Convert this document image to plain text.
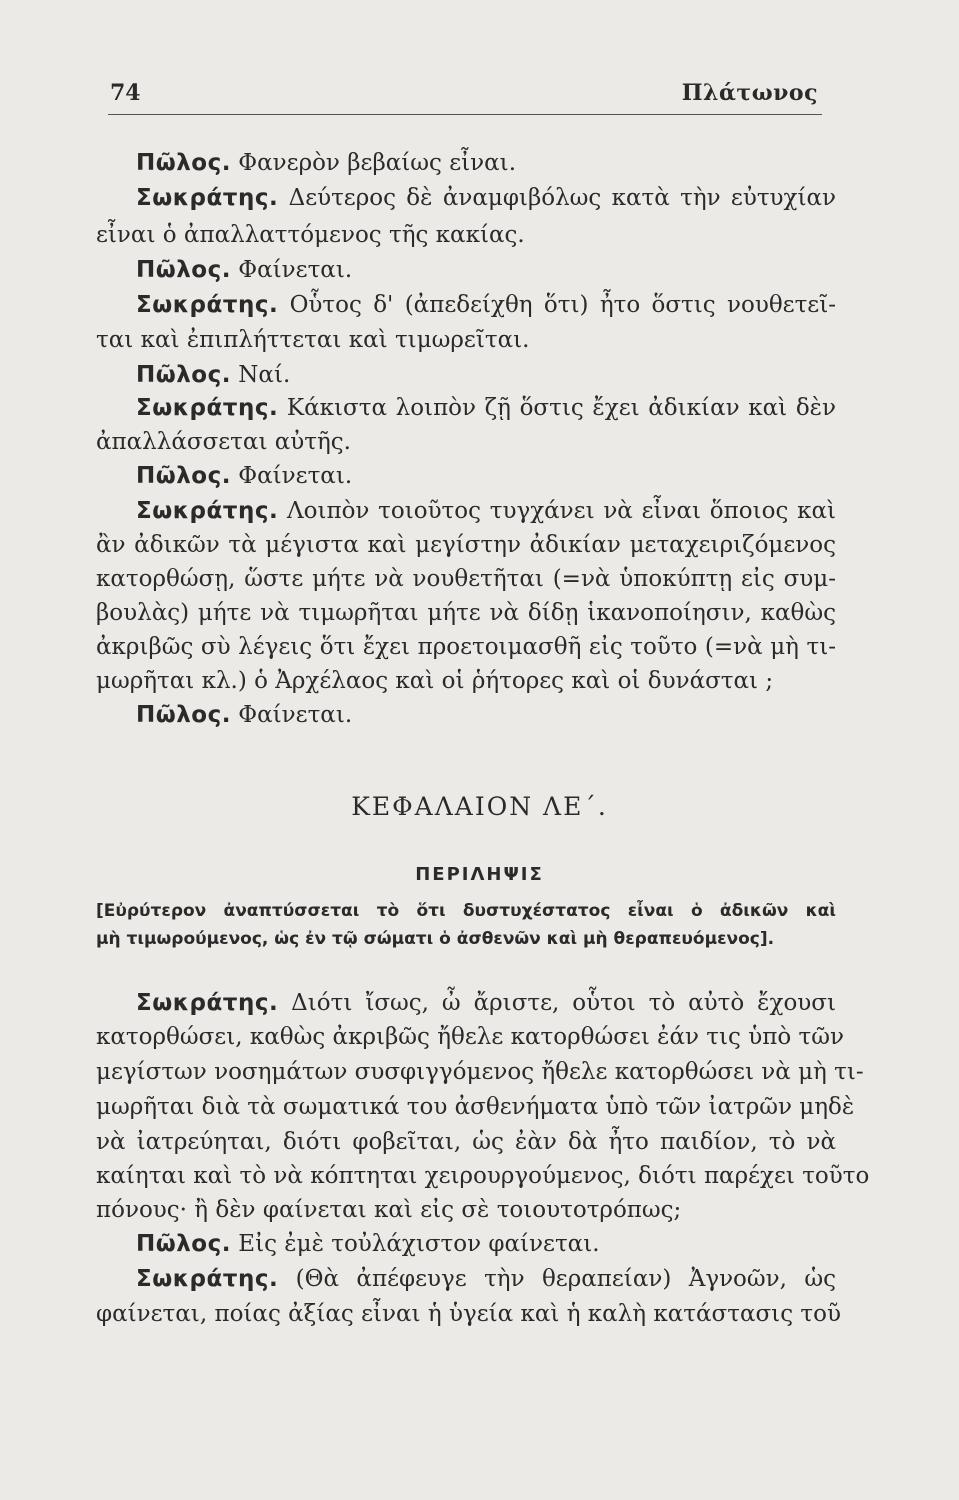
74	Πλάτωνος
Πῶλος. Φανερὸν βεβαίως εἶναι.
Σωκράτης. Δεύτερος δὲ ἀναμφιβόλως κατὰ τὴν εὐτυχίαν
εἶναι ὁ ἀπαλλαττόμενος τῆς κακίας.
Πῶλος. Φαίνεται.
Σωκράτης. Οὗτος δ' (ἀπεδείχθη ὅτι) ἦτο ὅστις νουθετεῖ-
ται καὶ ἐπιπλήττεται καὶ τιμωρεῖται.
Πῶλος. Ναί.
Σωκράτης. Κάκιστα λοιπὸν ζῇ ὅστις ἔχει ἀδικίαν καὶ δὲν
ἀπαλλάσσεται αὐτῆς.
Πῶλος. Φαίνεται.
Σωκράτης. Λοιπὸν τοιοῦτος τυγχάνει νὰ εἶναι ὅποιος καὶ
ἂν ἀδικῶν τὰ μέγιστα καὶ μεγίστην ἀδικίαν μεταχειριζόμενος
κατορθώσῃ, ὥστε μήτε νὰ νουθετῆται (=νὰ ὑποκύπτῃ εἰς συμ-
βουλὰς) μήτε νὰ τιμωρῆται μήτε νὰ δίδῃ ἱκανοποίησιν, καθὼς
ἀκριβῶς σὺ λέγεις ὅτι ἔχει προετοιμασθῆ εἰς τοῦτο (=νὰ μὴ τι-
μωρῆται κλ.) ὁ Ἀρχέλαος καὶ οἱ ῥήτορες καὶ οἱ δυνάσται ;
Πῶλος. Φαίνεται.
ΚΕΦΑΛΑΙΟΝ ΛΕ΄.
ΠΕΡΙΛΗΨΙΣ
[Εὐρύτερον ἀναπτύσσεται τὸ ὅτι δυστυχέστατος εἶναι ὁ ἀδικῶν καὶ
μὴ τιμωρούμενος, ὡς ἐν τῷ σώματι ὁ ἀσθενῶν καὶ μὴ θεραπευόμενος].
Σωκράτης. Διότι ἴσως, ὦ ἄριστε, οὗτοι τὸ αὐτὸ ἔχουσι
κατορθώσει, καθὼς ἀκριβῶς ἤθελε κατορθώσει ἐάν τις ὑπὸ τῶν
μεγίστων νοσημάτων συσφιγγόμενος ἤθελε κατορθώσει νὰ μὴ τι-
μωρῆται διὰ τὰ σωματικά του ἀσθενήματα ὑπὸ τῶν ἰατρῶν μηδὲ
νὰ ἰατρεύηται, διότι φοβεῖται, ὡς ἐὰν δὰ ἦτο παιδίον, τὸ νὰ
καίηται καὶ τὸ νὰ κόπτηται χειρουργούμενος, διότι παρέχει τοῦτο
πόνους· ἢ δὲν φαίνεται καὶ εἰς σὲ τοιουτοτρόπως;
Πῶλος. Εἰς ἐμὲ τοὐλάχιστον φαίνεται.
Σωκράτης. (Θὰ ἀπέφευγε τὴν θεραπείαν) Ἀγνοῶν, ὡς
φαίνεται, ποίας ἀξίας εἶναι ἡ ὑγεία καὶ ἡ καλὴ κατάστασις τοῦ
